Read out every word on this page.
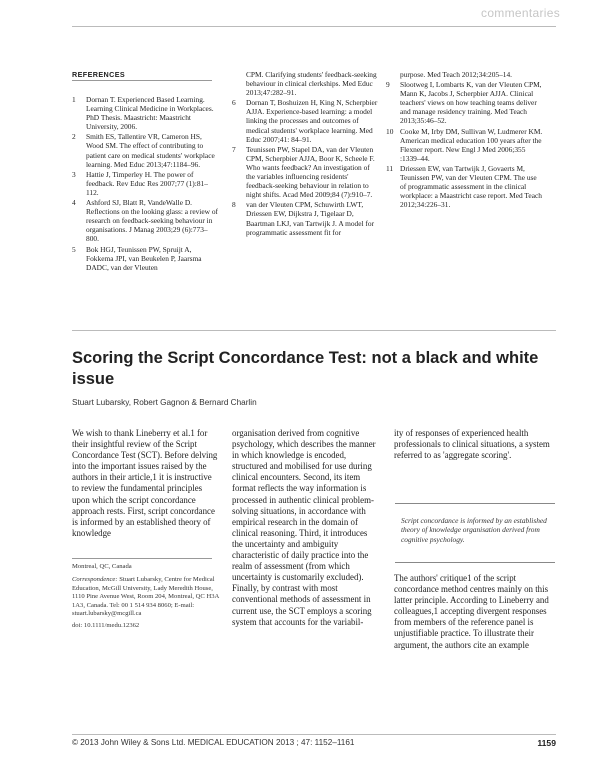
commentaries
REFERENCES
1 Dornan T. Experienced Based Learning. Learning Clinical Medicine in Workplaces. PhD Thesis. Maastricht: Maastricht University, 2006.
2 Smith ES, Tallentire VR, Cameron HS, Wood SM. The effect of contributing to patient care on medical students' workplace learning. Med Educ 2013;47:1184–96.
3 Hattie J, Timperley H. The power of feedback. Rev Educ Res 2007;77 (1):81–112.
4 Ashford SJ, Blatt R, VandeWalle D. Reflections on the looking glass: a review of research on feedback-seeking behaviour in organisations. J Manag 2003;29 (6):773–800.
5 Bok HGJ, Teunissen PW, Spruijt A, Fokkema JPI, van Beukelen P, Jaarsma DADC, van der Vleuten
CPM. Clarifying students' feedback-seeking behaviour in clinical clerkships. Med Educ 2013;47:282–91.
6 Dornan T, Boshuizen H, King N, Scherpbier AJJA. Experience-based learning: a model linking the processes and outcomes of medical students' workplace learning. Med Educ 2007;41: 84–91.
7 Teunissen PW, Stapel DA, van der Vleuten CPM, Scherpbier AJJA, Boor K, Scheele F. Who wants feedback? An investigation of the variables influencing residents' feedback-seeking behaviour in relation to night shifts. Acad Med 2009;84 (7):910–7.
8 van der Vleuten CPM, Schuwirth LWT, Driessen EW, Dijkstra J, Tigelaar D, Baartman LKJ, van Tartwijk J. A model for programmatic assessment fit for
purpose. Med Teach 2012;34:205–14.
9 Slootweg I, Lombarts K, van der Vleuten CPM, Mann K, Jacobs J, Scherpbier AJJA. Clinical teachers' views on how teaching teams deliver and manage residency training. Med Teach 2013;35:46–52.
10 Cooke M, Irby DM, Sullivan W, Ludmerer KM. American medical education 100 years after the Flexner report. New Engl J Med 2006;355 :1339–44.
11 Driessen EW, van Tartwijk J, Govaerts M, Teunissen PW, van der Vleuten CPM. The use of programmatic assessment in the clinical workplace: a Maastricht case report. Med Teach 2012;34:226–31.
Scoring the Script Concordance Test: not a black and white issue
Stuart Lubarsky, Robert Gagnon & Bernard Charlin
We wish to thank Lineberry et al.1 for their insightful review of the Script Concordance Test (SCT). Before delving into the important issues raised by the authors in their article,1 it is instructive to review the fundamental principles upon which the script concordance approach rests. First, script concordance is informed by an established theory of knowledge
Montreal, QC, Canada
Correspondence: Stuart Lubarsky, Centre for Medical Education, McGill University, Lady Meredith House, 1110 Pine Avenue West, Room 204, Montreal, QC H3A 1A3, Canada. Tel: 00 1 514 934 8060; E-mail: stuart.lubarsky@mcgill.ca
doi: 10.1111/medu.12362
organisation derived from cognitive psychology, which describes the manner in which knowledge is encoded, structured and mobilised for use during clinical encounters. Second, its item format reflects the way information is processed in authentic clinical problem-solving situations, in accordance with empirical research in the domain of clinical reasoning. Third, it introduces the uncertainty and ambiguity characteristic of daily practice into the realm of assessment (from which uncertainty is customarily excluded). Finally, by contrast with most conventional methods of assessment in current use, the SCT employs a scoring system that accounts for the variabil-
ity of responses of experienced health professionals to clinical situations, a system referred to as 'aggregate scoring'.
Script concordance is informed by an established theory of knowledge organisation derived from cognitive psychology.
The authors' critique1 of the script concordance method centres mainly on this latter principle. According to Lineberry and colleagues,1 accepting divergent responses from members of the reference panel is unjustifiable practice. To illustrate their argument, the authors cite an example
© 2013 John Wiley & Sons Ltd. MEDICAL EDUCATION 2013 ; 47: 1152–1161	1159
